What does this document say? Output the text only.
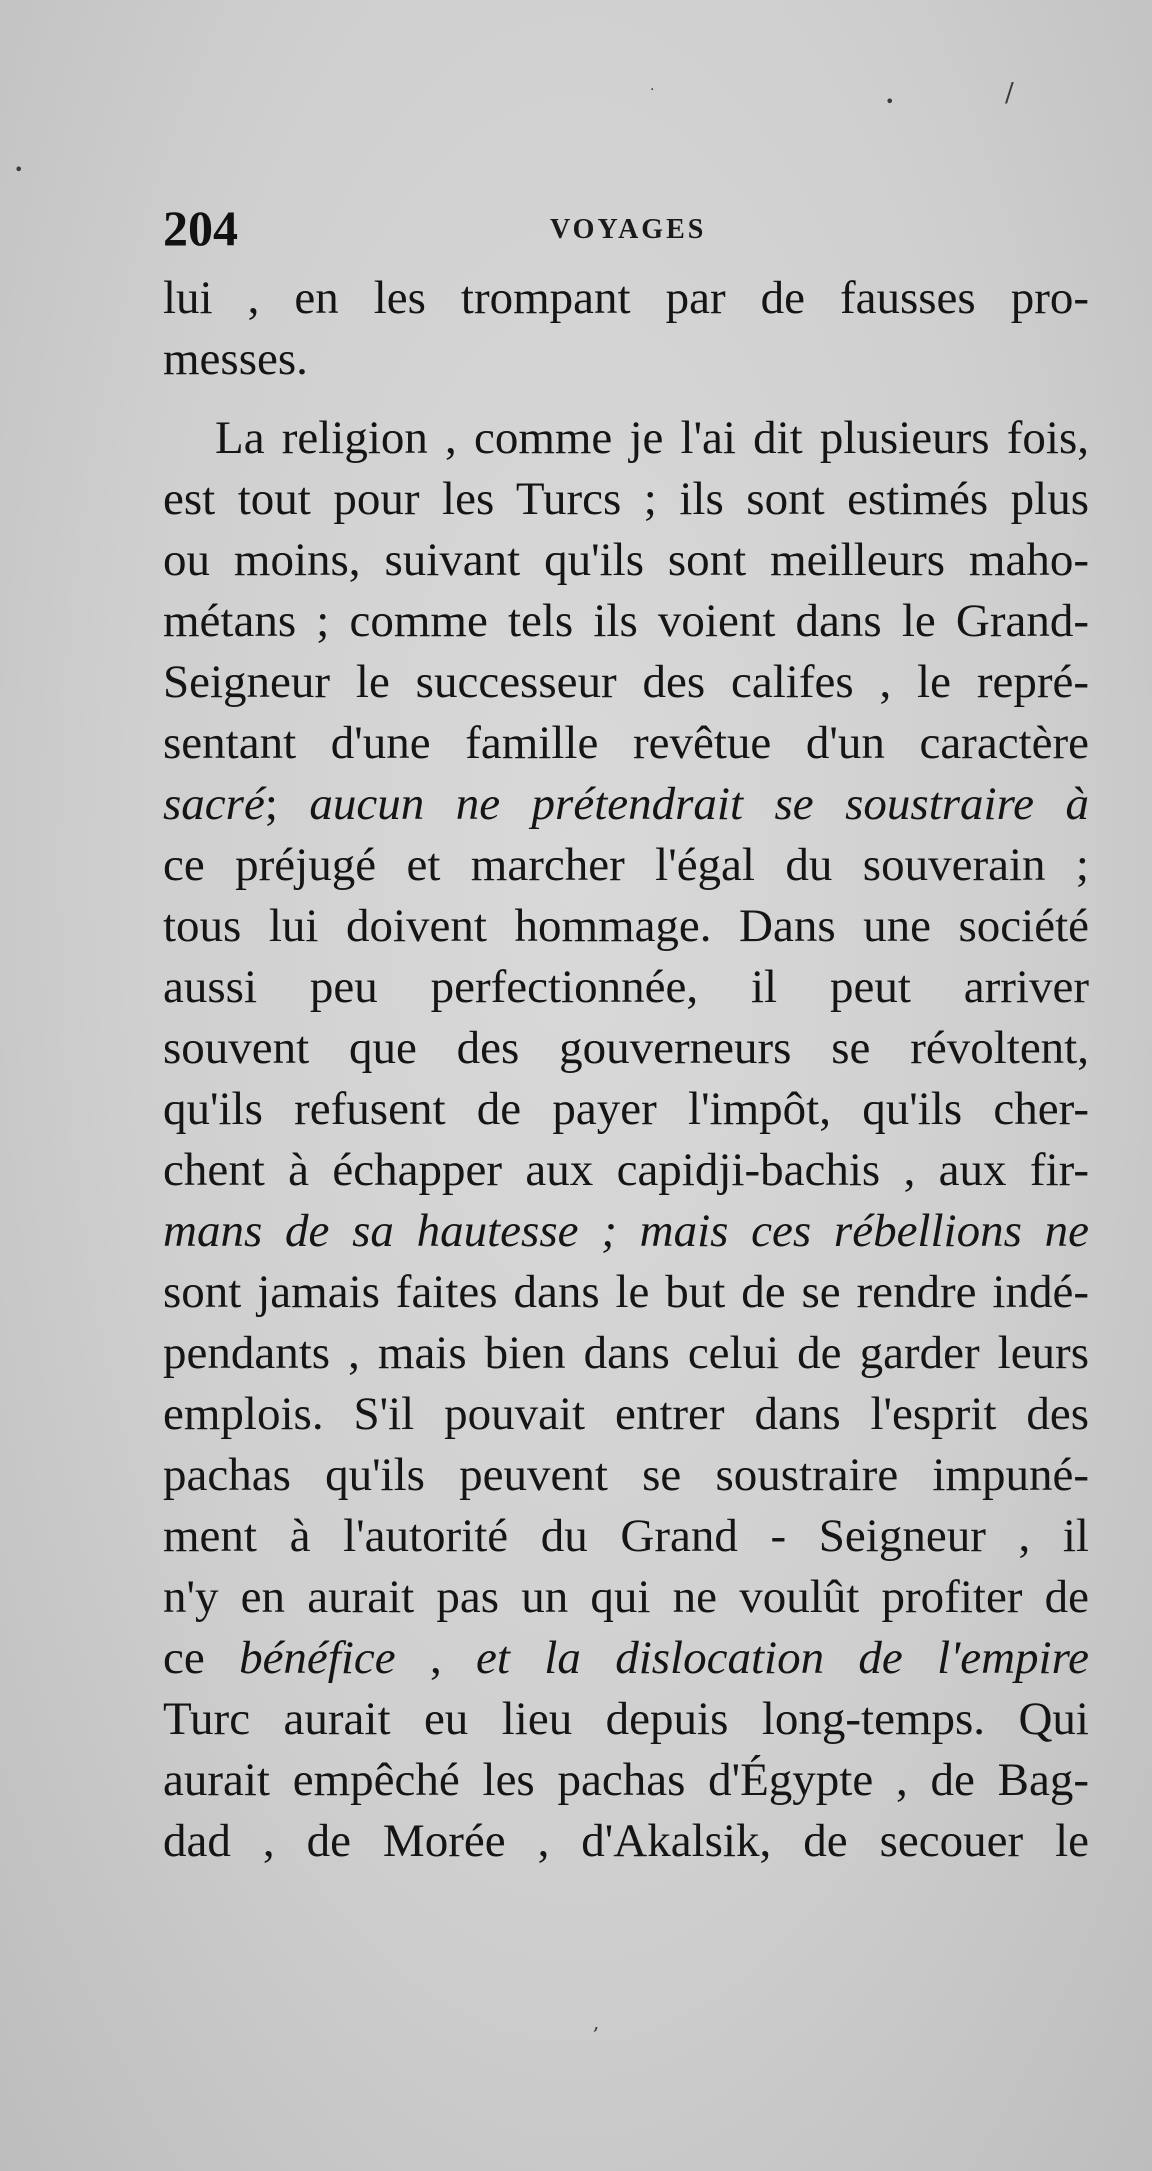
·
•	/
•
,
204	VOYAGES
lui , en les trompant par de fausses pro-
messes.
La religion , comme je l'ai dit plusieurs fois,
est tout pour les Turcs ; ils sont estimés plus
ou moins, suivant qu'ils sont meilleurs maho-
métans ; comme tels ils voient dans le Grand-
Seigneur le successeur des califes , le repré-
sentant d'une famille revêtue d'un caractère
sacré; aucun ne prétendrait se soustraire à
ce préjugé et marcher l'égal du souverain ;
tous lui doivent hommage. Dans une société
aussi peu perfectionnée, il peut arriver
souvent que des gouverneurs se révoltent,
qu'ils refusent de payer l'impôt, qu'ils cher-
chent à échapper aux capidji-bachis , aux fir-
mans de sa hautesse ; mais ces rébellions ne
sont jamais faites dans le but de se rendre indé-
pendants , mais bien dans celui de garder leurs
emplois. S'il pouvait entrer dans l'esprit des
pachas qu'ils peuvent se soustraire impuné-
ment à l'autorité du Grand - Seigneur , il
n'y en aurait pas un qui ne voulût profiter de
ce bénéfice , et la dislocation de l'empire
Turc aurait eu lieu depuis long-temps. Qui
aurait empêché les pachas d'Égypte , de Bag-
dad , de Morée , d'Akalsik, de secouer le
